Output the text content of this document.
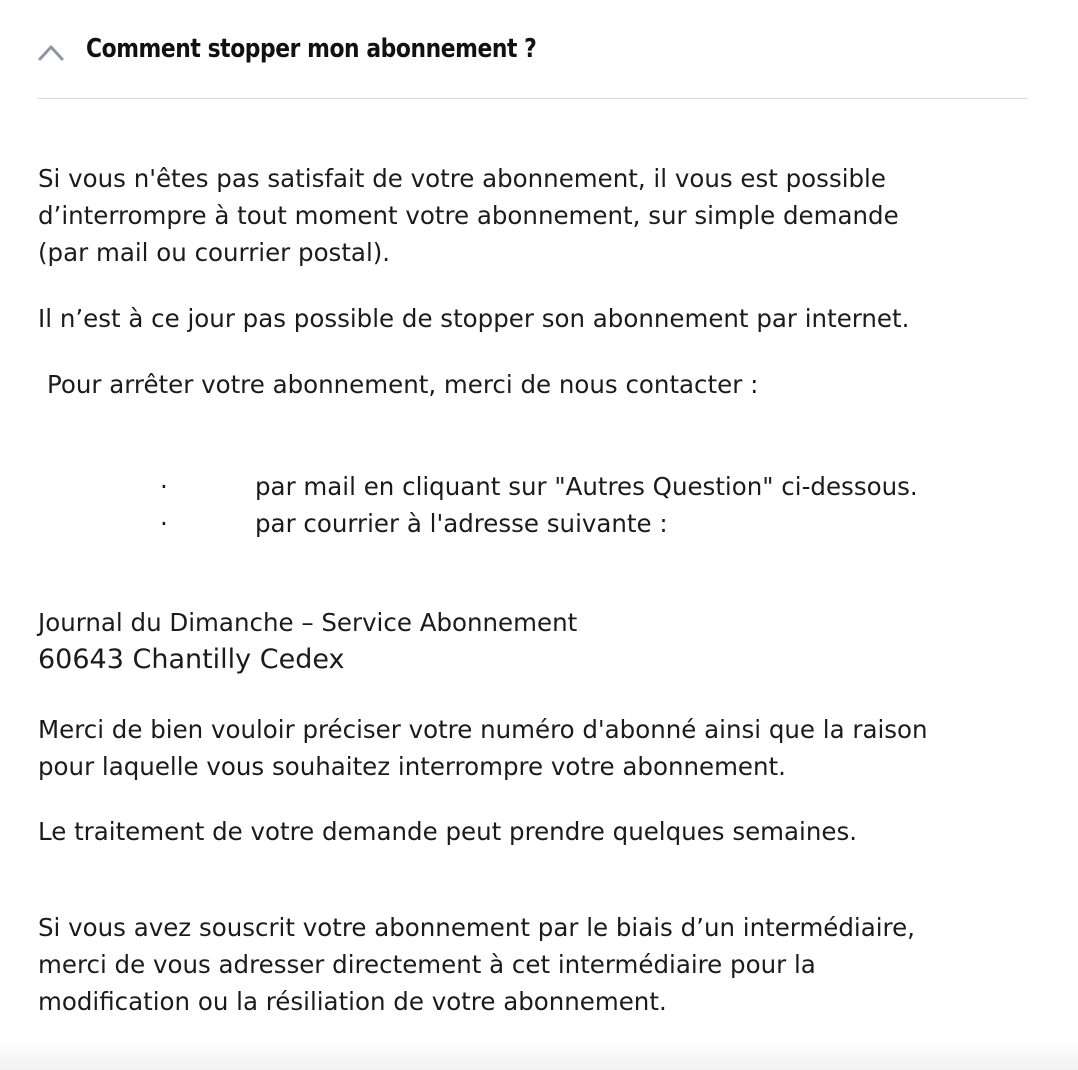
Comment stopper mon abonnement ?

Si vous n'êtes pas satisfait de votre abonnement, il vous est possible
d’interrompre à tout moment votre abonnement, sur simple demande
(par mail ou courrier postal).

Il n’est à ce jour pas possible de stopper son abonnement par internet.

Pour arrêter votre abonnement, merci de nous contacter :

·	par mail en cliquant sur "Autres Question" ci-dessous.
·	par courrier à l'adresse suivante :

Journal du Dimanche – Service Abonnement

60643 Chantilly Cedex

Merci de bien vouloir préciser votre numéro d'abonné ainsi que la raison
pour laquelle vous souhaitez interrompre votre abonnement.

Le traitement de votre demande peut prendre quelques semaines.

Si vous avez souscrit votre abonnement par le biais d’un intermédiaire,
merci de vous adresser directement à cet intermédiaire pour la
modification ou la résiliation de votre abonnement.
